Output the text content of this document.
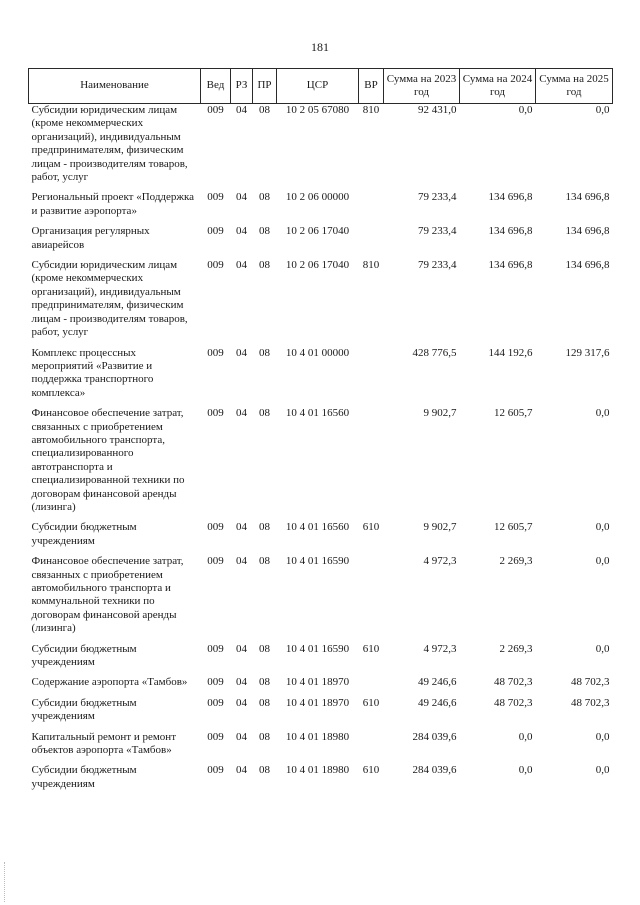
181
Наименование	Вед	РЗ	ПР	ЦСР	ВР	Сумма на 2023 год	Сумма на 2024 год	Сумма на 2025 год
Субсидии юридическим лицам (кроме некоммерческих организаций), индивидуальным предпринимателям, физическим лицам - производителям товаров, работ, услуг	009	04	08	10 2 05 67080	810	92 431,0	0,0	0,0
Региональный проект «Поддержка и развитие аэропорта»	009	04	08	10 2 06 00000		79 233,4	134 696,8	134 696,8
Организация регулярных авиарейсов	009	04	08	10 2 06 17040		79 233,4	134 696,8	134 696,8
Субсидии юридическим лицам (кроме некоммерческих организаций), индивидуальным предпринимателям, физическим лицам - производителям товаров, работ, услуг	009	04	08	10 2 06 17040	810	79 233,4	134 696,8	134 696,8
Комплекс процессных мероприятий «Развитие и поддержка транспортного комплекса»	009	04	08	10 4 01 00000		428 776,5	144 192,6	129 317,6
Финансовое обеспечение затрат, связанных с приобретением автомобильного транспорта, специализированного автотранспорта и специализированной техники по договорам финансовой аренды (лизинга)	009	04	08	10 4 01 16560		9 902,7	12 605,7	0,0
Субсидии бюджетным учреждениям	009	04	08	10 4 01 16560	610	9 902,7	12 605,7	0,0
Финансовое обеспечение затрат, связанных с приобретением автомобильного транспорта и коммунальной техники по договорам финансовой аренды (лизинга)	009	04	08	10 4 01 16590		4 972,3	2 269,3	0,0
Субсидии бюджетным учреждениям	009	04	08	10 4 01 16590	610	4 972,3	2 269,3	0,0
Содержание аэропорта «Тамбов»	009	04	08	10 4 01 18970		49 246,6	48 702,3	48 702,3
Субсидии бюджетным учреждениям	009	04	08	10 4 01 18970	610	49 246,6	48 702,3	48 702,3
Капитальный ремонт и ремонт объектов аэропорта «Тамбов»	009	04	08	10 4 01 18980		284 039,6	0,0	0,0
Субсидии бюджетным учреждениям	009	04	08	10 4 01 18980	610	284 039,6	0,0	0,0
